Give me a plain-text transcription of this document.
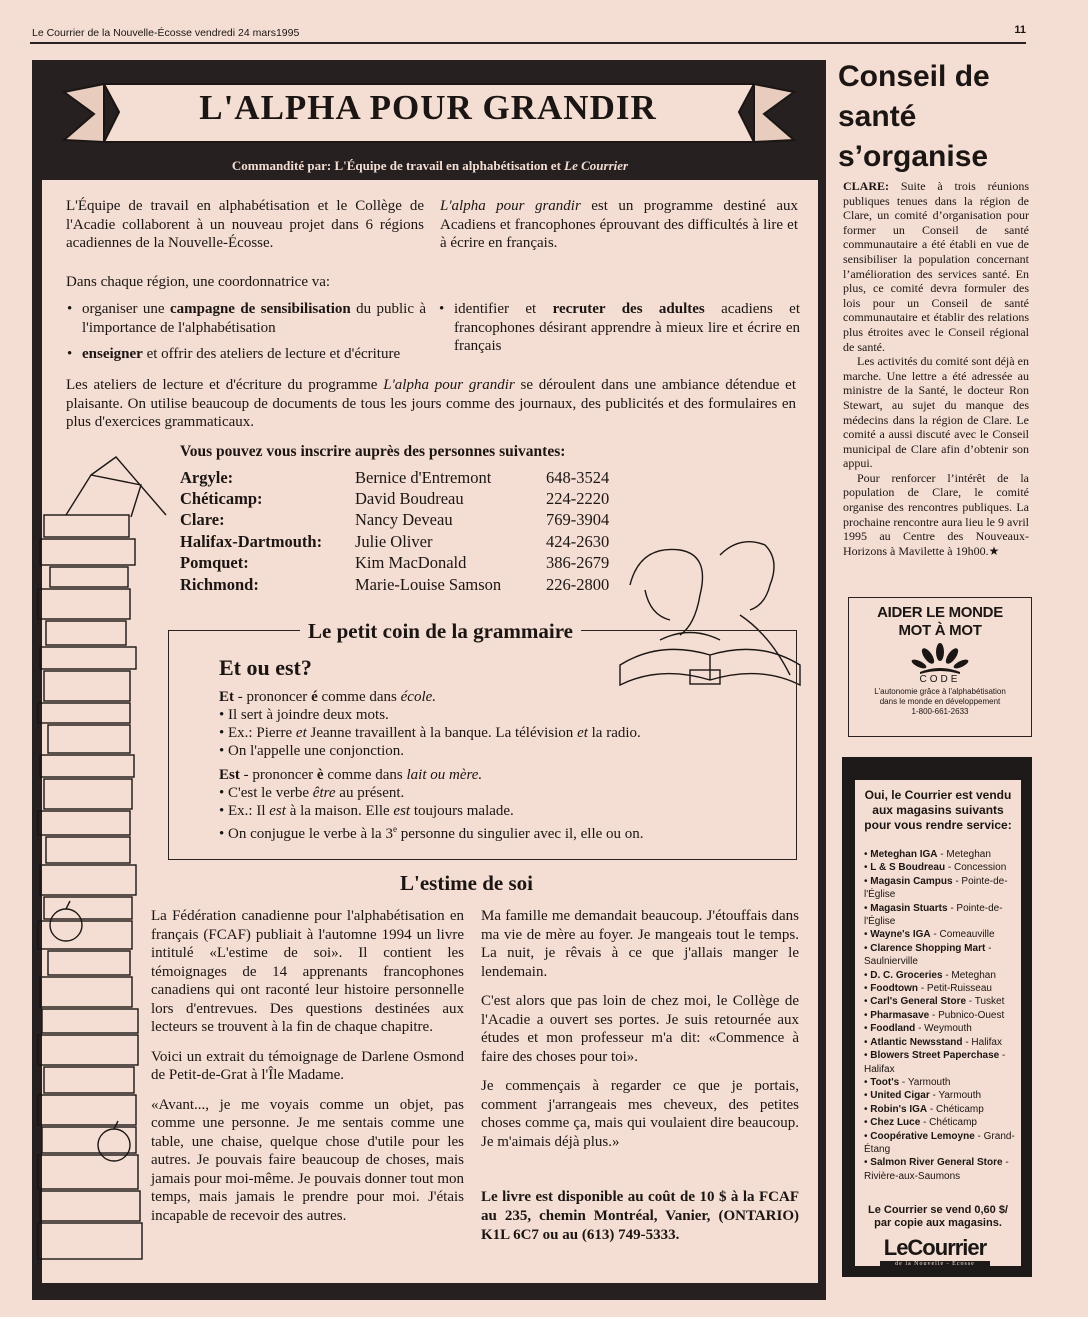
Le Courrier de la Nouvelle-Écosse vendredi 24 mars1995	11
L'ALPHA POUR GRANDIR
Commandité par: L'Équipe de travail en alphabétisation et Le Courrier
L'Équipe de travail en alphabétisation et le Collège de l'Acadie collaborent à un nouveau projet dans 6 régions acadiennes de la Nouvelle-Écosse.
L'alpha pour grandir est un programme destiné aux Acadiens et francophones éprouvant des difficultés à lire et à écrire en français.
Dans chaque région, une coordonnatrice va:
• organiser une campagne de sensibilisation du public à l'importance de l'alphabétisation
• enseigner et offrir des ateliers de lecture et d'écriture
• identifier et recruter des adultes acadiens et francophones désirant apprendre à mieux lire et écrire en français
Les ateliers de lecture et d'écriture du programme L'alpha pour grandir se déroulent dans une ambiance détendue et plaisante. On utilise beaucoup de documents de tous les jours comme des journaux, des publicités et des formulaires en plus d'exercices grammaticaux.
Vous pouvez vous inscrire auprès des personnes suivantes:
Argyle:	Bernice d'Entremont	648-3524
Chéticamp:	David Boudreau	224-2220
Clare:	Nancy Deveau	769-3904
Halifax-Dartmouth:	Julie Oliver	424-2630
Pomquet:	Kim MacDonald	386-2679
Richmond:	Marie-Louise Samson	226-2800
Le petit coin de la grammaire
Et ou est?
Et - prononcer é comme dans école.
• Il sert à joindre deux mots.
• Ex.: Pierre et Jeanne travaillent à la banque. La télévision et la radio.
• On l'appelle une conjonction.
Est - prononcer è comme dans lait ou mère.
• C'est le verbe être au présent.
• Ex.: Il est à la maison. Elle est toujours malade.
• On conjugue le verbe à la 3e personne du singulier avec il, elle ou on.
L'estime de soi

La Fédération canadienne pour l'alphabétisation en français (FCAF) publiait à l'automne 1994 un livre intitulé «L'estime de soi». Il contient les témoignages de 14 apprenants francophones canadiens qui ont raconté leur histoire personnelle lors d'entrevues. Des questions destinées aux lecteurs se trouvent à la fin de chaque chapitre.

Voici un extrait du témoignage de Darlene Osmond de Petit-de-Grat à l'Île Madame.

«Avant..., je me voyais comme un objet, pas comme une personne. Je me sentais comme une table, une chaise, quelque chose d'utile pour les autres. Je pouvais faire beaucoup de choses, mais jamais pour moi-même. Je pouvais donner tout mon temps, mais jamais le prendre pour moi. J'étais incapable de recevoir des autres.

Ma famille me demandait beaucoup. J'étouffais dans ma vie de mère au foyer. Je mangeais tout le temps. La nuit, je rêvais à ce que j'allais manger le lendemain.

C'est alors que pas loin de chez moi, le Collège de l'Acadie a ouvert ses portes. Je suis retournée aux études et mon professeur m'a dit: «Commence à faire des choses pour toi».

Je commençais à regarder ce que je portais, comment j'arrangeais mes cheveux, des petites choses comme ça, mais qui voulaient dire beaucoup. Je m'aimais déjà plus.»

Le livre est disponible au coût de 10 $ à la FCAF au 235, chemin Montréal, Vanier, (ONTARIO) K1L 6C7 ou au (613) 749-5333.
Conseil de
santé
s’organise

CLARE: Suite à trois réunions publiques tenues dans la région de Clare, un comité d’organisation pour former un Conseil de santé communautaire a été établi en vue de sensibiliser la population concernant l’amélioration des services santé. En plus, ce comité devra formuler des lois pour un Conseil de santé communautaire et établir des relations plus étroites avec le Conseil régional de santé.

Les activités du comité sont déjà en marche. Une lettre a été adressée au ministre de la Santé, le docteur Ron Stewart, au sujet du manque des médecins dans la région de Clare. Le comité a aussi discuté avec le Conseil municipal de Clare afin d’obtenir son appui.

Pour renforcer l’intérêt de la population de Clare, le comité organise des rencontres publiques. La prochaine rencontre aura lieu le 9 avril 1995 au Centre des Nouveaux-Horizons à Mavilette à 19h00.★

AIDER LE MONDE
MOT À MOT
CODE
L'autonomie grâce à l'alphabétisation
dans le monde en développement
1-800-661-2633
Oui, le Courrier est vendu
aux magasins suivants
pour vous rendre service:
• Meteghan IGA - Meteghan
• L & S Boudreau - Concession
• Magasin Campus - Pointe-de-l'Église
• Magasin Stuarts - Pointe-de-l'Église
• Wayne's IGA - Comeauville
• Clarence Shopping Mart - Saulnierville
• D. C. Groceries - Meteghan
• Foodtown - Petit-Ruisseau
• Carl's General Store - Tusket
• Pharmasave - Pubnico-Ouest
• Foodland - Weymouth
• Atlantic Newsstand - Halifax
• Blowers Street Paperchase - Halifax
• Toot's - Yarmouth
• United Cigar - Yarmouth
• Robin's IGA - Chéticamp
• Chez Luce - Chéticamp
• Coopérative Lemoyne - Grand-Étang
• Salmon River General Store - Rivière-aux-Saumons
Le Courrier se vend 0,60 $/
par copie aux magasins.
LeCourrier
de la Nouvelle - Écosse
